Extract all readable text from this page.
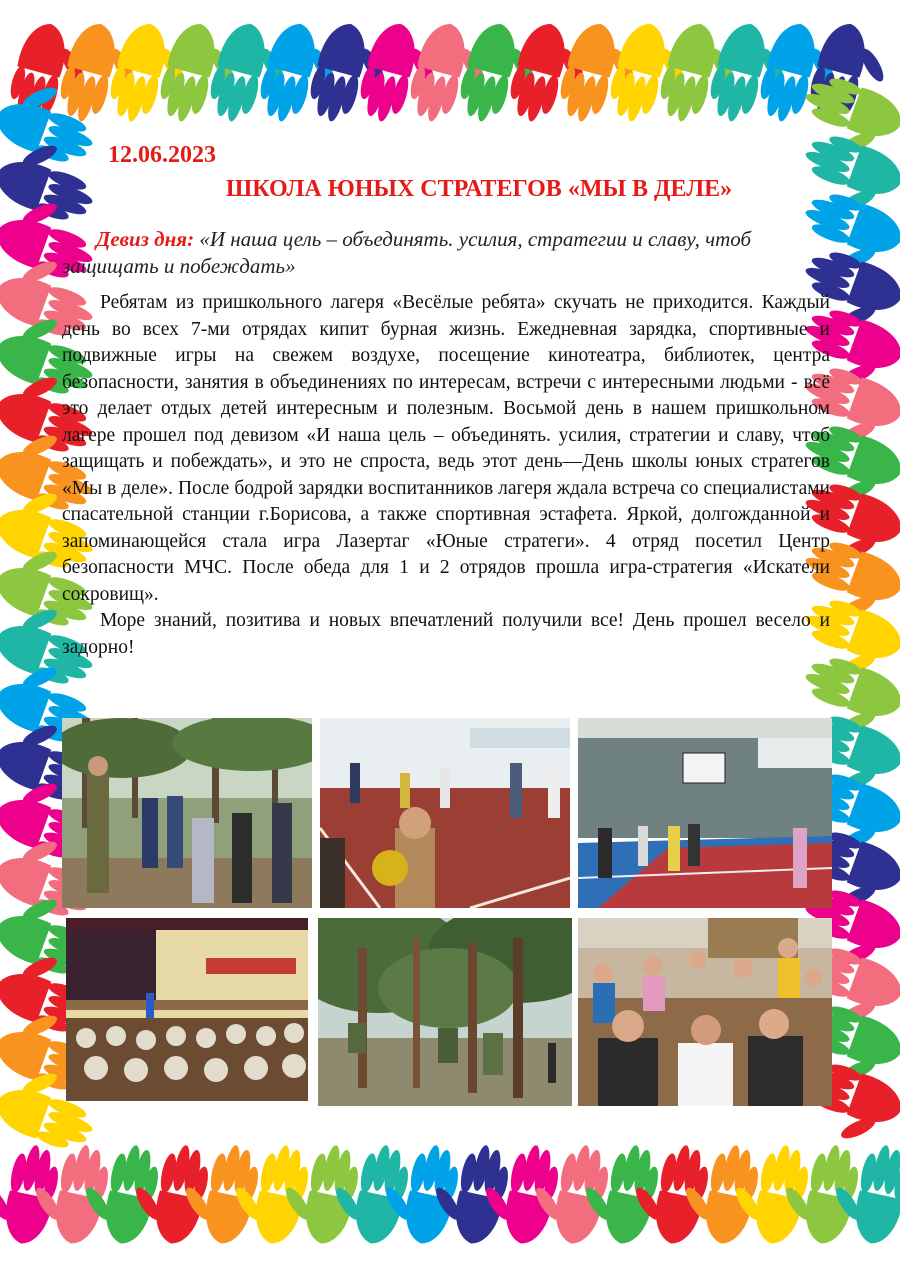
12.06.2023

ШКОЛА ЮНЫХ СТРАТЕГОВ «МЫ В ДЕЛЕ»

Девиз дня: «И наша цель – объединять. усилия, стратегии и славу, чтоб защищать и побеждать»

Ребятам из пришкольного лагеря «Весёлые ребята» скучать не приходится. Каждый день во всех 7-ми отрядах кипит бурная жизнь. Ежедневная зарядка, спортивные и подвижные игры на свежем воздухе, посещение кинотеатра, библиотек, центра безопасности, занятия в объединениях по интересам, встречи с интересными людьми - всё это делает отдых детей интересным и полезным. Восьмой день в нашем пришкольном лагере прошел под девизом «И наша цель – объединять. усилия, стратегии и славу, чтоб защищать и побеждать», и это не спроста, ведь этот день—День школы юных стратегов «Мы в деле». После бодрой зарядки воспитанников лагеря ждала встреча со специалистами спасательной станции г.Борисова, а также спортивная эстафета. Яркой, долгожданной и запоминающейся стала игра Лазертаг «Юные стратеги». 4 отряд посетил Центр безопасности МЧС. После обеда для 1 и 2 отрядов прошла игра-стратегия «Искатели сокровищ».

Море знаний, позитива и новых впечатлений получили все! День прошел весело и задорно!
